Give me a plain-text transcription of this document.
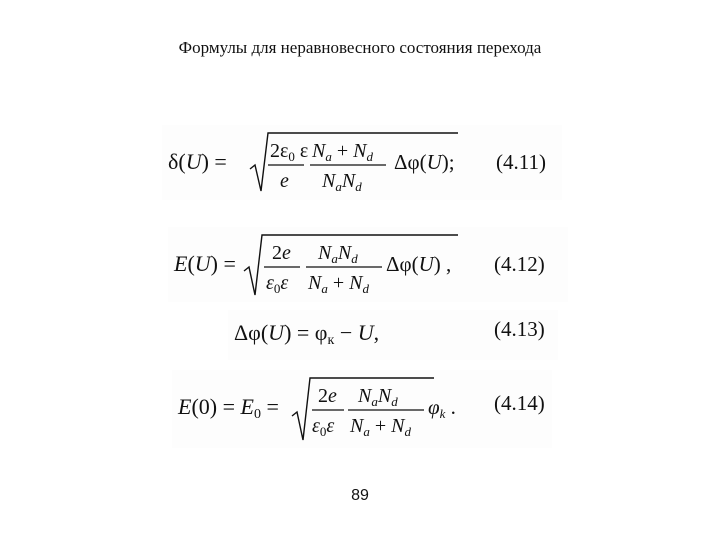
Формулы для неравновесного состояния перехода
$\delta(U) = 2\varepsilon_0$ ε
e
$N_a + N_d$
$N_aN_d$
Δφ(U); (4.11)
E(U) = 2e
$\varepsilon_0\varepsilon$
$N_aN_d$
$N_a + N_d$
Δφ(U) , (4.12)
Δφ(U) = φк − U,	(4.13)
E(0) = E0 = 2e
$\varepsilon_0\varepsilon$
$N_aN_d$
$N_a + N_d$
φk . (4.14)
89
